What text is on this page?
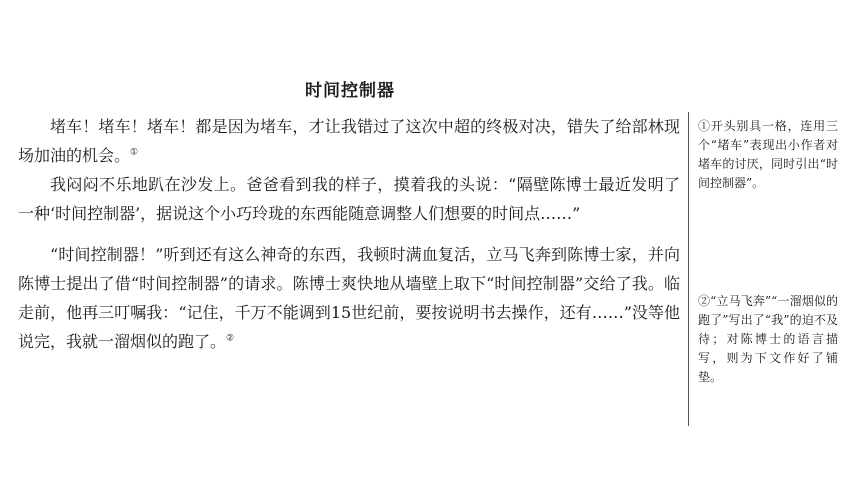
时间控制器

堵车！堵车！堵车！都是因为堵车，才让我错过了这次中超的终极对决，错失了给部林现场加油的机会。①

我闷闷不乐地趴在沙发上。爸爸看到我的样子，摸着我的头说：“隔壁陈博士最近发明了一种‘时间控制器’，据说这个小巧玲珑的东西能随意调整人们想要的时间点……”

“时间控制器！”听到还有这么神奇的东西，我顿时满血复活，立马飞奔到陈博士家，并向陈博士提出了借“时间控制器”的请求。陈博士爽快地从墙壁上取下“时间控制器”交给了我。临走前，他再三叮嘱我：“记住，千万不能调到15世纪前，要按说明书去操作，还有……”没等他说完，我就一溜烟似的跑了。②

①开头别具一格，连用三个“堵车”表现出小作者对堵车的讨厌，同时引出“时间控制器”。
②“立马飞奔”“一溜烟似的跑了”写出了“我”的迫不及待；对陈博士的语言描写，则为下文作好了铺垫。
